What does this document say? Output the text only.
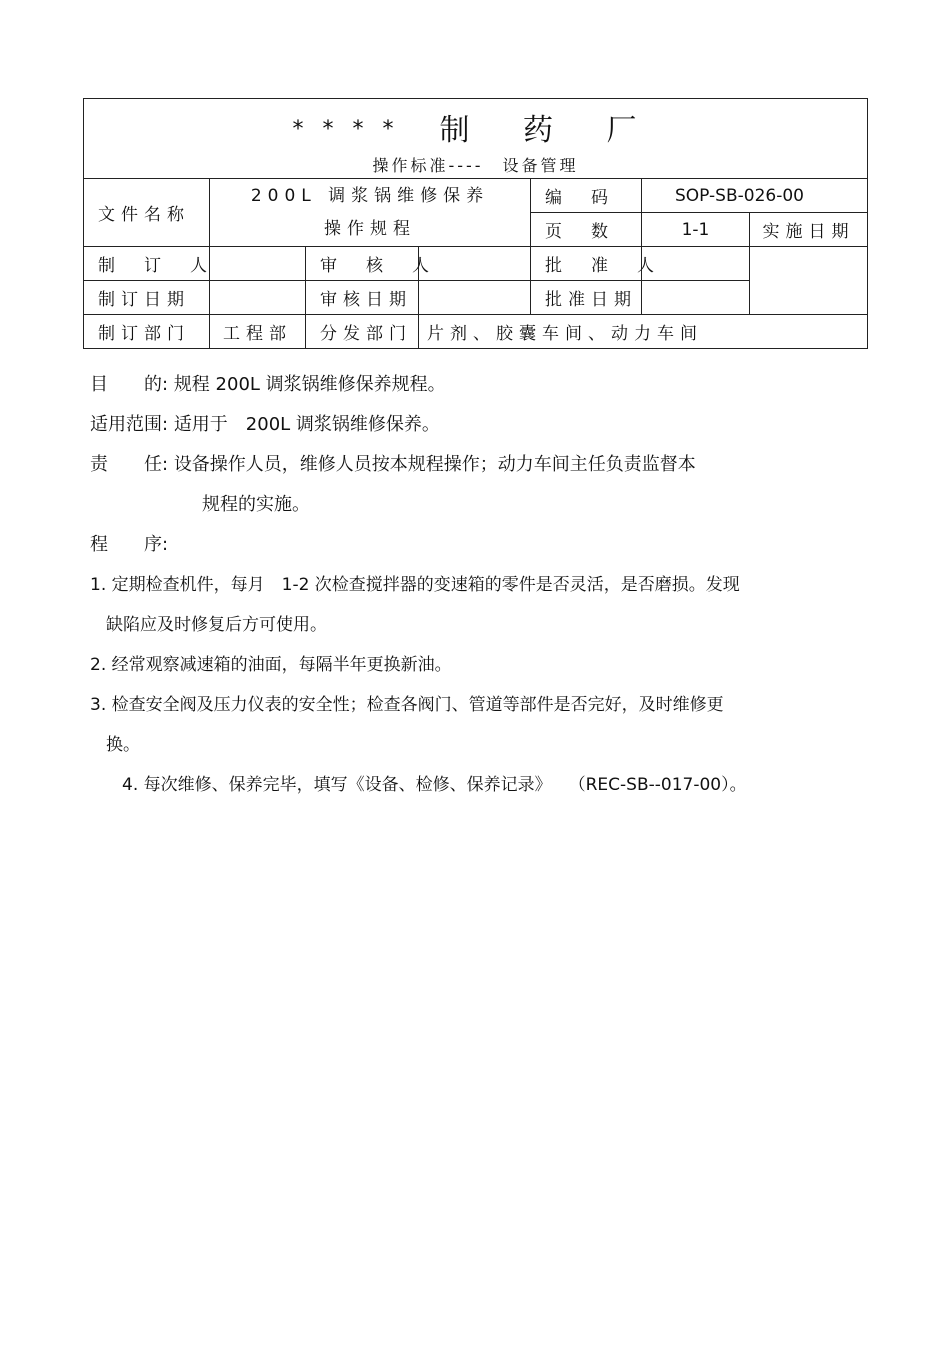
* * * * 制 药 厂
操作标准----　设备管理						

文件名称	200L 调浆锅维修保养
操作规程			编　码	SOP-SB-026-00	
				页　数	1-1	实施日期
制　订　人		审　核　人		批　准　人		
制订日期		审核日期		批准日期		
制订部门	工程部	分发部门	片剂、胶囊车间、动力车间			

目　　的: 规程 200L 调浆锅维修保养规程。

适用范围: 适用于　200L 调浆锅维修保养。

责　　任: 设备操作人员，维修人员按本规程操作；动力车间主任负责监督本

规程的实施。

程　　序:

1. 定期检查机件，每月　1-2 次检查搅拌器的变速箱的零件是否灵活，是否磨损。发现

缺陷应及时修复后方可使用。

2. 经常观察减速箱的油面，每隔半年更换新油。

3. 检查安全阀及压力仪表的安全性；检查各阀门、管道等部件是否完好，及时维修更

换。

4. 每次维修、保养完毕，填写《设备、检修、保养记录》　　（REC-SB--017-00）。
